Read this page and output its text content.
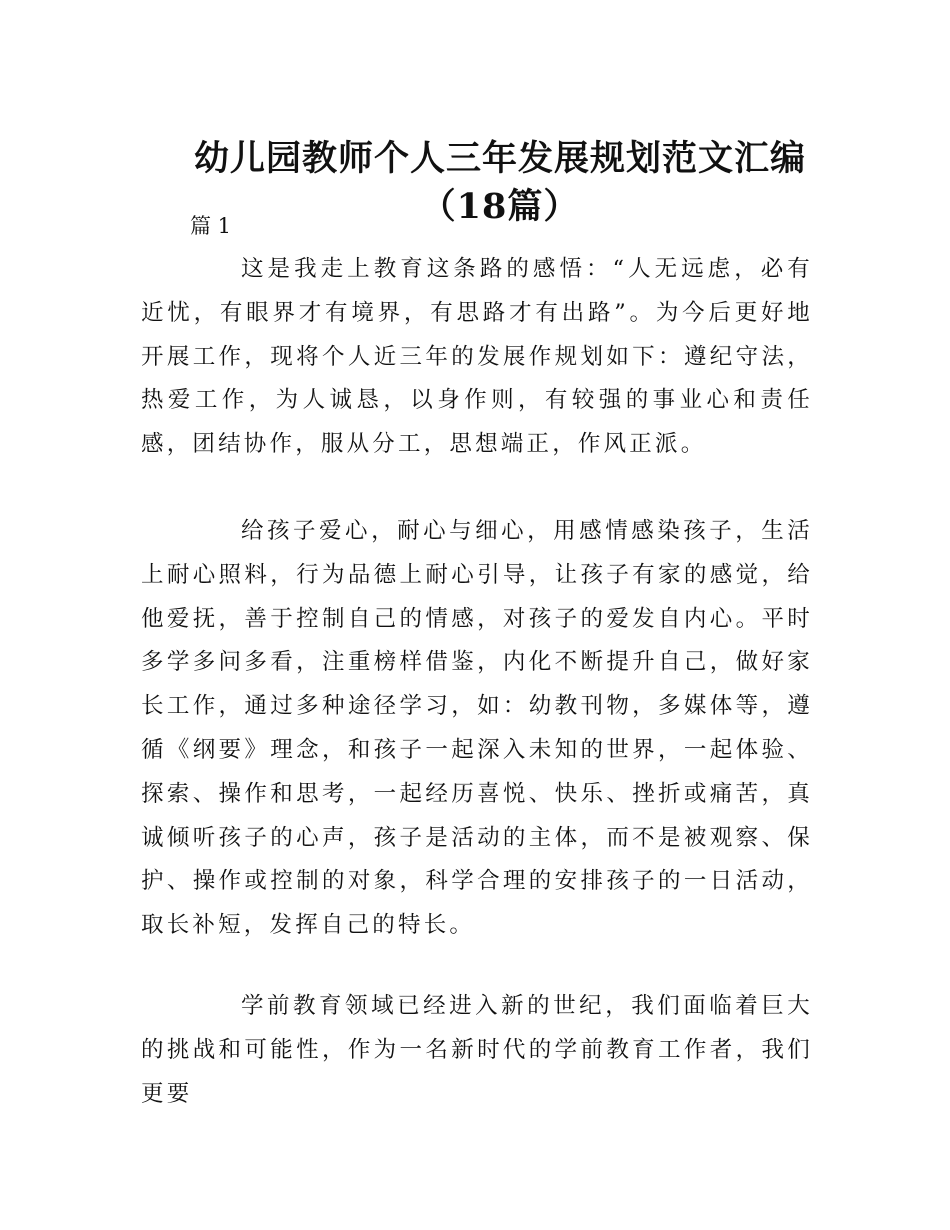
幼儿园教师个人三年发展规划范文汇编
（18篇）
篇 1

这是我走上教育这条路的感悟：“人无远虑，必有近忧，有眼界才有境界，有思路才有出路”。为今后更好地开展工作，现将个人近三年的发展作规划如下：遵纪守法，热爱工作，为人诚恳，以身作则，有较强的事业心和责任感，团结协作，服从分工，思想端正，作风正派。

给孩子爱心，耐心与细心，用感情感染孩子，生活上耐心照料，行为品德上耐心引导，让孩子有家的感觉，给他爱抚，善于控制自己的情感，对孩子的爱发自内心。平时多学多问多看，注重榜样借鉴，内化不断提升自己，做好家长工作，通过多种途径学习，如：幼教刊物，多媒体等，遵循《纲要》理念，和孩子一起深入未知的世界，一起体验、探索、操作和思考，一起经历喜悦、快乐、挫折或痛苦，真诚倾听孩子的心声，孩子是活动的主体，而不是被观察、保护、操作或控制的对象，科学合理的安排孩子的一日活动，取长补短，发挥自己的特长。

学前教育领域已经进入新的世纪，我们面临着巨大的挑战和可能性，作为一名新时代的学前教育工作者，我们更要
